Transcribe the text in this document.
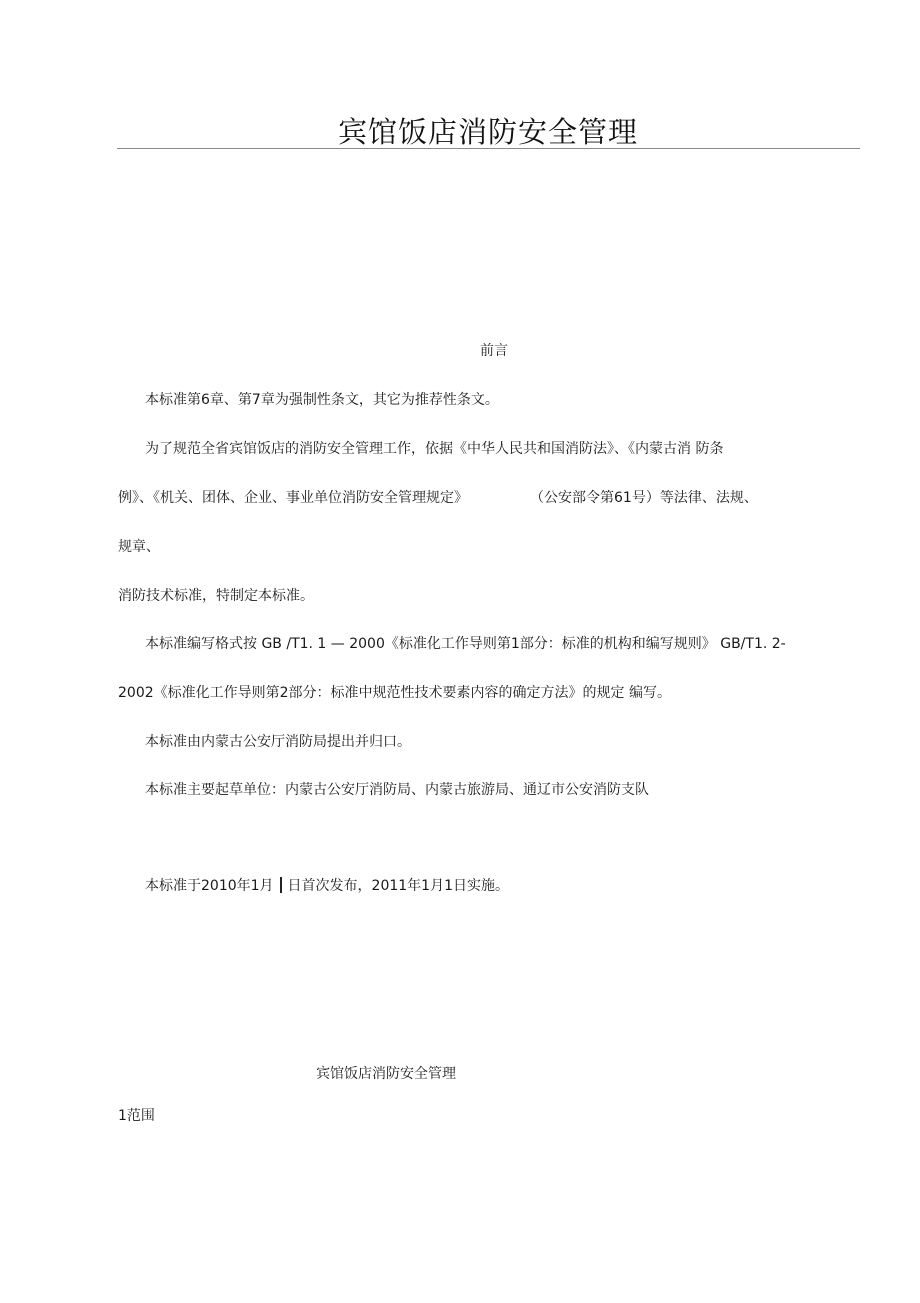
宾馆饭店消防安全管理
前言

本标准第6章、第7章为强制性条文，其它为推荐性条文。

为了规范全省宾馆饭店的消防安全管理工作，依据《中华人民共和国消防法》、《内蒙古消 防条

例》、《机关、团体、企业、事业单位消防安全管理规定》	（公安部令第61号）等法律、法规、

规章、

消防技术标准，特制定本标准。

本标准编写格式按 GB /T1. 1 — 2000《标准化工作导则第1部分：标准的机构和编写规则》 GB/T1. 2-

2002《标准化工作导则第2部分：标准中规范性技术要素内容的确定方法》的规定 编写。

本标准由内蒙古公安厅消防局提出并归口。

本标准主要起草单位：内蒙古公安厅消防局、内蒙古旅游局、通辽市公安消防支队

本标准于2010年1月 日首次发布，2011年1月1日实施。

宾馆饭店消防安全管理
1范围
